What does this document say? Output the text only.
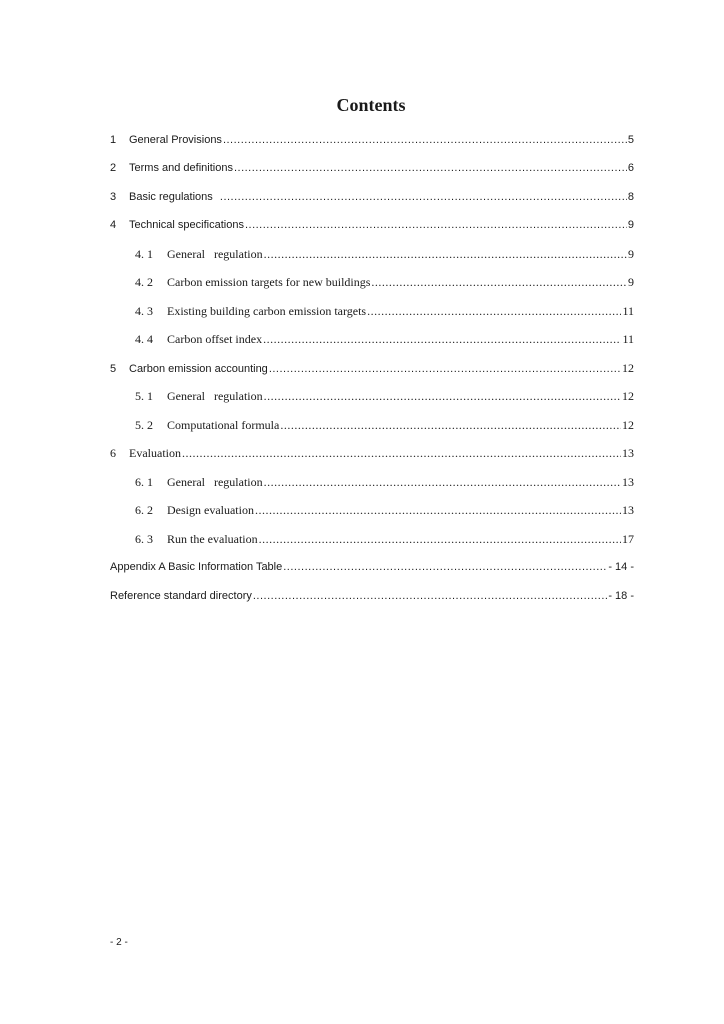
Contents
1	General Provisions .....	5
2	Terms and definitions .....	6
3	Basic regulations .....	8
4	Technical specifications .....	9
4. 1	General   regulation .....	9
4. 2	Carbon emission targets for new buildings .....	9
4. 3	Existing building carbon emission targets .....	11
4. 4	Carbon offset index .....	11
5	Carbon emission accounting .....	12
5. 1	General   regulation .....	12
5. 2	Computational formula .....	12
6	Evaluation .....	13
6. 1	General   regulation .....	13
6. 2	Design evaluation .....	13
6. 3	Run the evaluation .....	17
Appendix A Basic Information Table .....	- 14 -
Reference standard directory .....	- 18 -
- 2 -
